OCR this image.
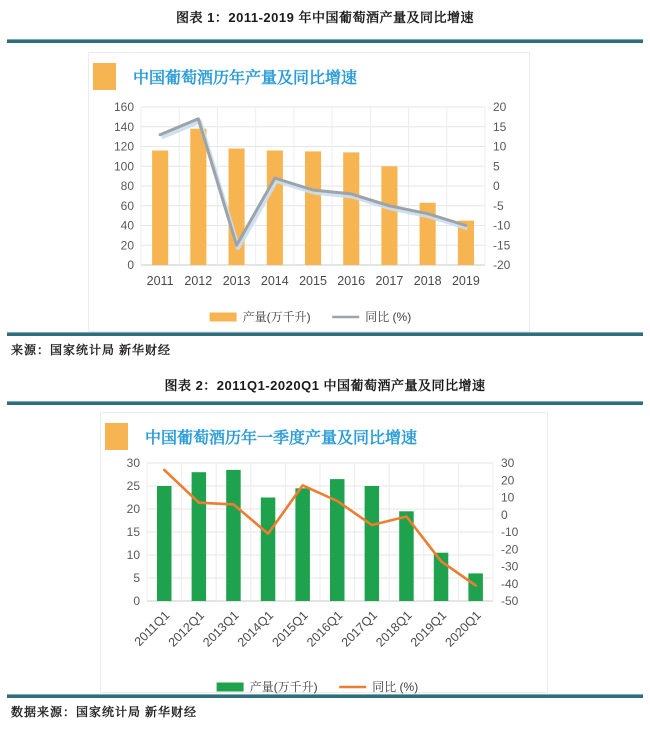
图表 1：2011-2019 年中国葡萄酒产量及同比增速
中国葡萄酒历年产量及同比增速
160
140
120
100
80
60
40
20
0
20
15
10
5
0
-5
-10
-15
-20
2011 2012 2013 2014 2015 2016 2017 2018 2019
产量(万千升)	同比 (%)
来源：国家统计局 新华财经
图表 2：2011Q1-2020Q1 中国葡萄酒产量及同比增速
中国葡萄酒历年一季度产量及同比增速
30
25
20
15
10
5
0
30
20
10
0
-10
-20
-30
-40
-50
2011Q1
2012Q1
2013Q1
2014Q1
2015Q1
2016Q1
2017Q1
2018Q1
2019Q1
2020Q1
产量(万千升)	同比 (%)
数据来源：国家统计局 新华财经
